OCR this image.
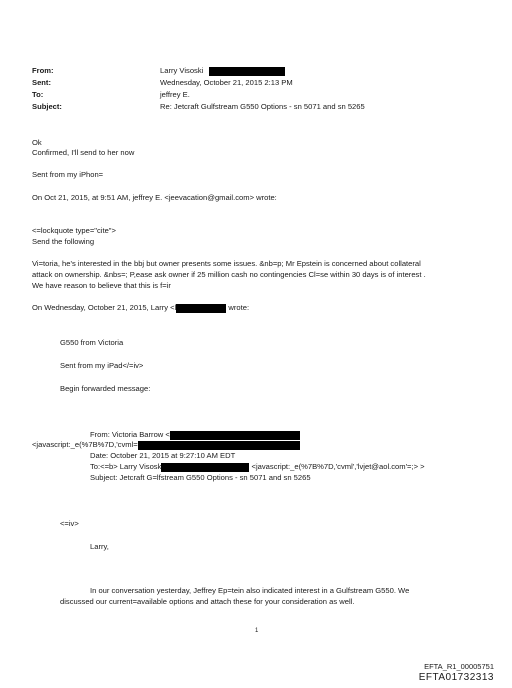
From:
Sent:
To:
Subject:
Larry Visoski
Wednesday, October 21, 2015 2:13 PM
jeffrey E.
Re: Jetcraft Gulfstream G550 Options - sn 5071 and sn 5265
Ok
Confirmed, I'll send to her now
Sent from my iPhon=
On Oct 21, 2015, at 9:51 AM, jeffrey E. <jeevacation@gmail.com> wrote:
<=lockquote type="cite">
Send the following
Vi=toria, he's interested in the bbj but owner presents some issues. &nb=p; Mr Epstein is concerned about collateral
attack on ownership. &nbs=; P,ease ask owner if 25 million cash no contingencies Cl=se within 30 days is of interest .
We have reason to believe that this is f=ir
On Wednesday, October 21, 2015, Larry <l	wrote:
G550 from Victoria
Sent from my iPad</=iv>
Begin forwarded message:
From: Victoria Barrow <
<javascript:_e(%7B%7D,'cvml=
Date: October 21, 2015 at 9:27:10 AM EDT
To:<=b> Larry Visosk	<javascript:_e(%7B%7D,'cvml','lvjet@aol.com'=;> >
Subject: Jetcraft G=lfstream G550 Options - sn 5071 and sn 5265
<=iv>
Larry,
In our conversation yesterday, Jeffrey Ep=tein also indicated interest in a Gulfstream G550. We
discussed our current=available options and attach these for your consideration as well.
1
EFTA_R1_00005751
EFTA01732313
